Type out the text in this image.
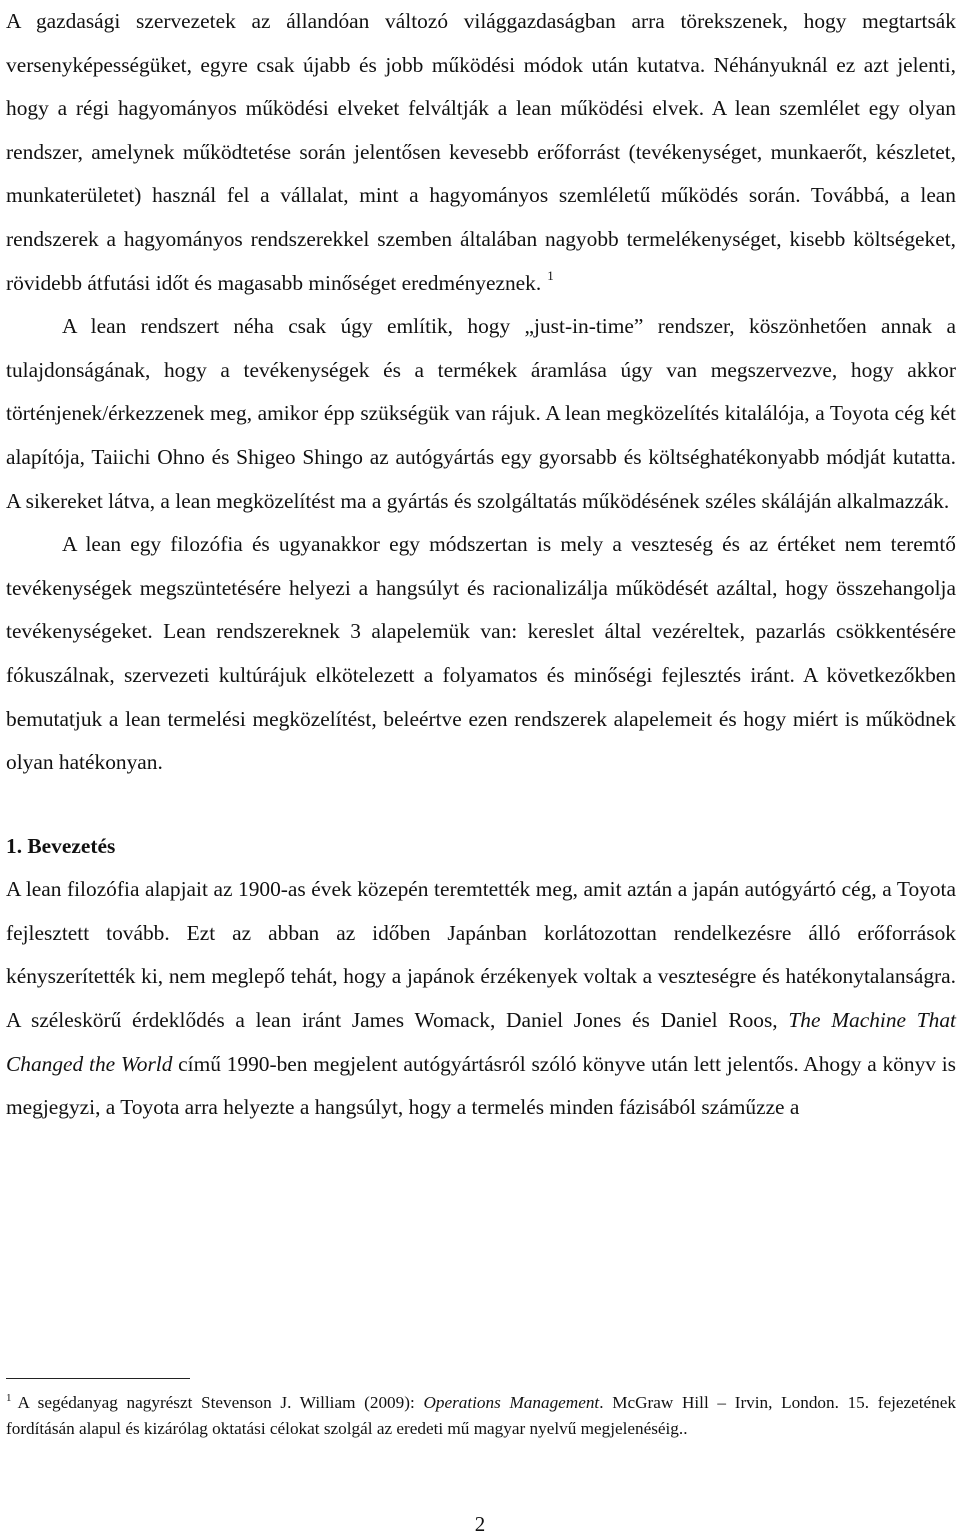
A gazdasági szervezetek az állandóan változó világgazdaságban arra törekszenek, hogy megtartsák versenyképességüket, egyre csak újabb és jobb működési módok után kutatva. Néhányuknál ez azt jelenti, hogy a régi hagyományos működési elveket felváltják a lean működési elvek. A lean szemlélet egy olyan rendszer, amelynek működtetése során jelentősen kevesebb erőforrást (tevékenységet, munkaerőt, készletet, munkaterületet) használ fel a vállalat, mint a hagyományos szemléletű működés során. Továbbá, a lean rendszerek a hagyományos rendszerekkel szemben általában nagyobb termelékenységet, kisebb költségeket, rövidebb átfutási időt és magasabb minőséget eredményeznek. $^1$

A lean rendszert néha csak úgy említik, hogy „just-in-time” rendszer, köszönhetően annak a tulajdonságának, hogy a tevékenységek és a termékek áramlása úgy van megszervezve, hogy akkor történjenek/érkezzenek meg, amikor épp szükségük van rájuk. A lean megközelítés kitalálója, a Toyota cég két alapítója, Taiichi Ohno és Shigeo Shingo az autógyártás egy gyorsabb és költséghatékonyabb módját kutatta. A sikereket látva, a lean megközelítést ma a gyártás és szolgáltatás működésének széles skáláján alkalmazzák.

A lean egy filozófia és ugyanakkor egy módszertan is mely a veszteség és az értéket nem teremtő tevékenységek megszüntetésére helyezi a hangsúlyt és racionalizálja működését azáltal, hogy összehangolja tevékenységeket. Lean rendszereknek 3 alapelemük van: kereslet által vezéreltek, pazarlás csökkentésére fókuszálnak, szervezeti kultúrájuk elkötelezett a folyamatos és minőségi fejlesztés iránt. A következőkben bemutatjuk a lean termelési megközelítést, beleértve ezen rendszerek alapelemeit és hogy miért is működnek olyan hatékonyan.

1. Bevezetés

A lean filozófia alapjait az 1900-as évek közepén teremtették meg, amit aztán a japán autógyártó cég, a Toyota fejlesztett tovább. Ezt az abban az időben Japánban korlátozottan rendelkezésre álló erőforrások kényszerítették ki, nem meglepő tehát, hogy a japánok érzékenyek voltak a veszteségre és hatékonytalanságra. A széleskörű érdeklődés a lean iránt James Womack, Daniel Jones és Daniel Roos, The Machine That Changed the World című 1990-ben megjelent autógyártásról szóló könyve után lett jelentős. Ahogy a könyv is megjegyzi, a Toyota arra helyezte a hangsúlyt, hogy a termelés minden fázisából száműzze a

$^1$ A segédanyag nagyrészt Stevenson J. William (2009): Operations Management. McGraw Hill – Irvin, London. 15. fejezetének fordításán alapul és kizárólag oktatási célokat szolgál az eredeti mű magyar nyelvű megjelenéséig..

2
